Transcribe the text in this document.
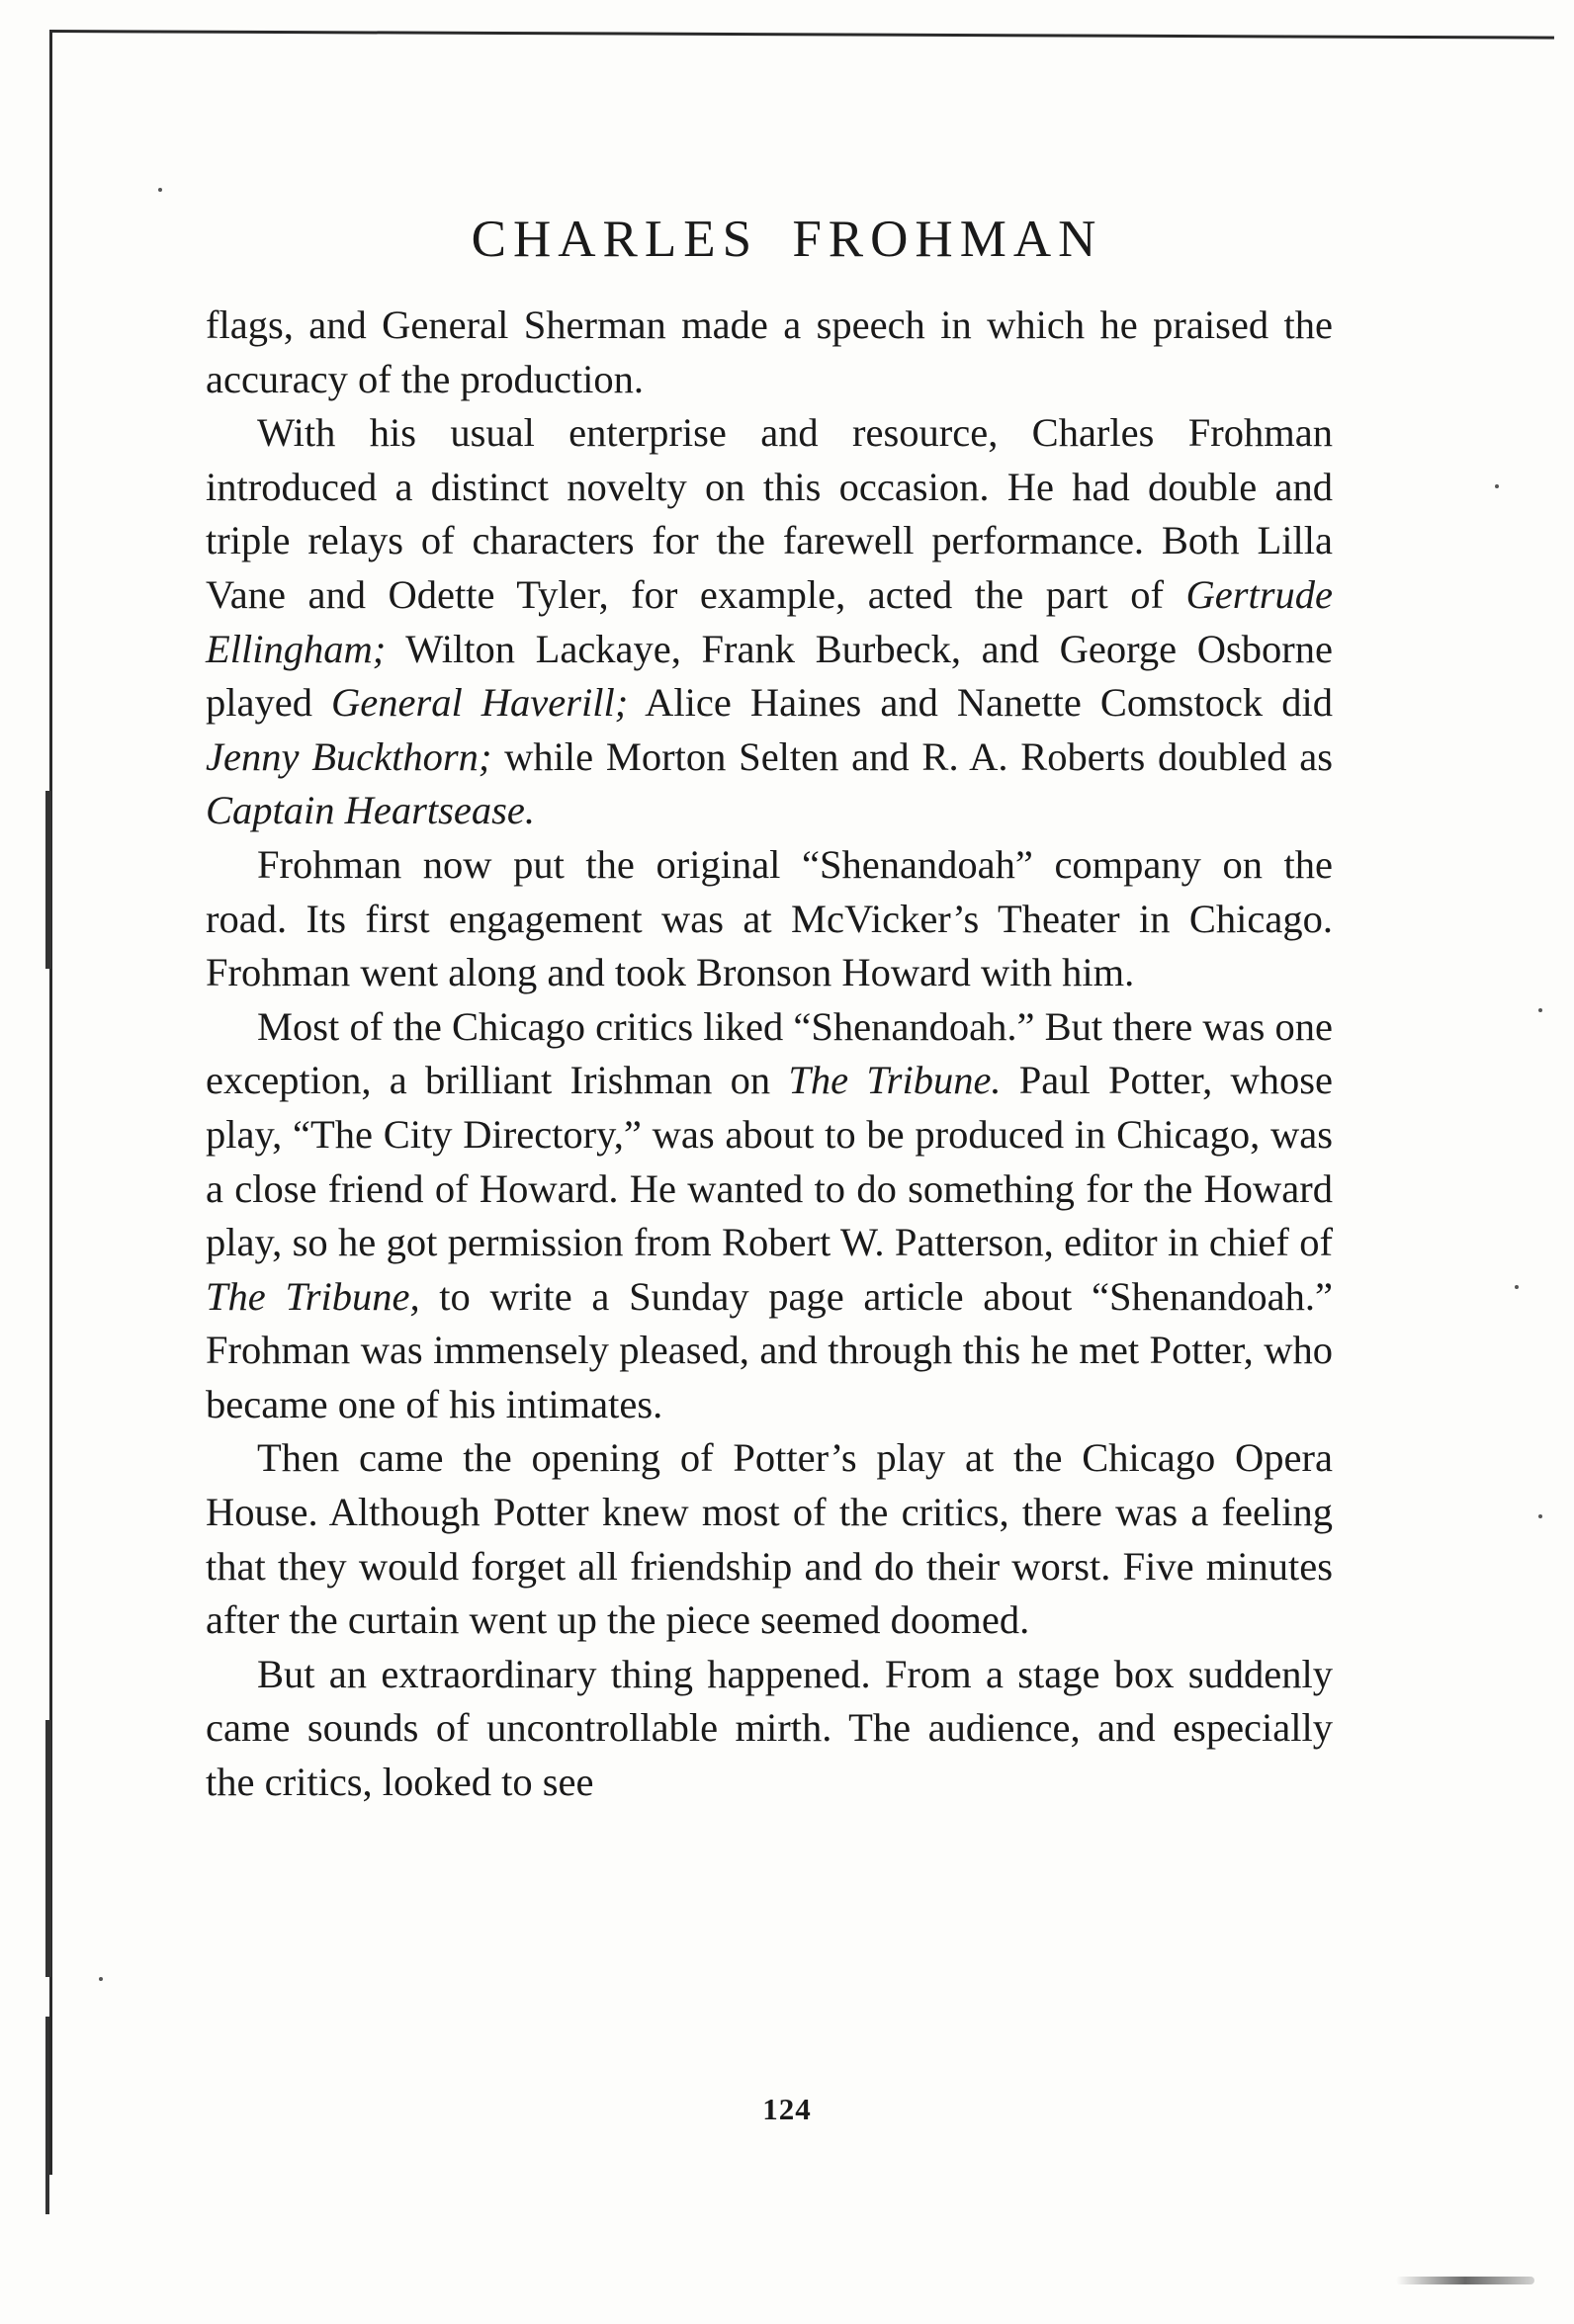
CHARLES FROHMAN

flags, and General Sherman made a speech in which he praised the accuracy of the production.

With his usual enterprise and resource, Charles Frohman introduced a distinct novelty on this occasion. He had double and triple relays of characters for the farewell performance. Both Lilla Vane and Odette Tyler, for example, acted the part of Gertrude Ellingham; Wilton Lackaye, Frank Burbeck, and George Osborne played General Haverill; Alice Haines and Nanette Comstock did Jenny Buckthorn; while Morton Selten and R. A. Roberts doubled as Captain Heartsease.

Frohman now put the original “Shenandoah” company on the road. Its first engagement was at McVicker’s Theater in Chicago. Frohman went along and took Bronson Howard with him.

Most of the Chicago critics liked “Shenandoah.” But there was one exception, a brilliant Irishman on The Tribune. Paul Potter, whose play, “The City Directory,” was about to be produced in Chicago, was a close friend of Howard. He wanted to do something for the Howard play, so he got permission from Robert W. Patterson, editor in chief of The Tribune, to write a Sunday page article about “Shenandoah.” Frohman was immensely pleased, and through this he met Potter, who became one of his intimates.

Then came the opening of Potter’s play at the Chicago Opera House. Although Potter knew most of the critics, there was a feeling that they would forget all friendship and do their worst. Five minutes after the curtain went up the piece seemed doomed.

But an extraordinary thing happened. From a stage box suddenly came sounds of uncontrollable mirth. The audience, and especially the critics, looked to see

124
